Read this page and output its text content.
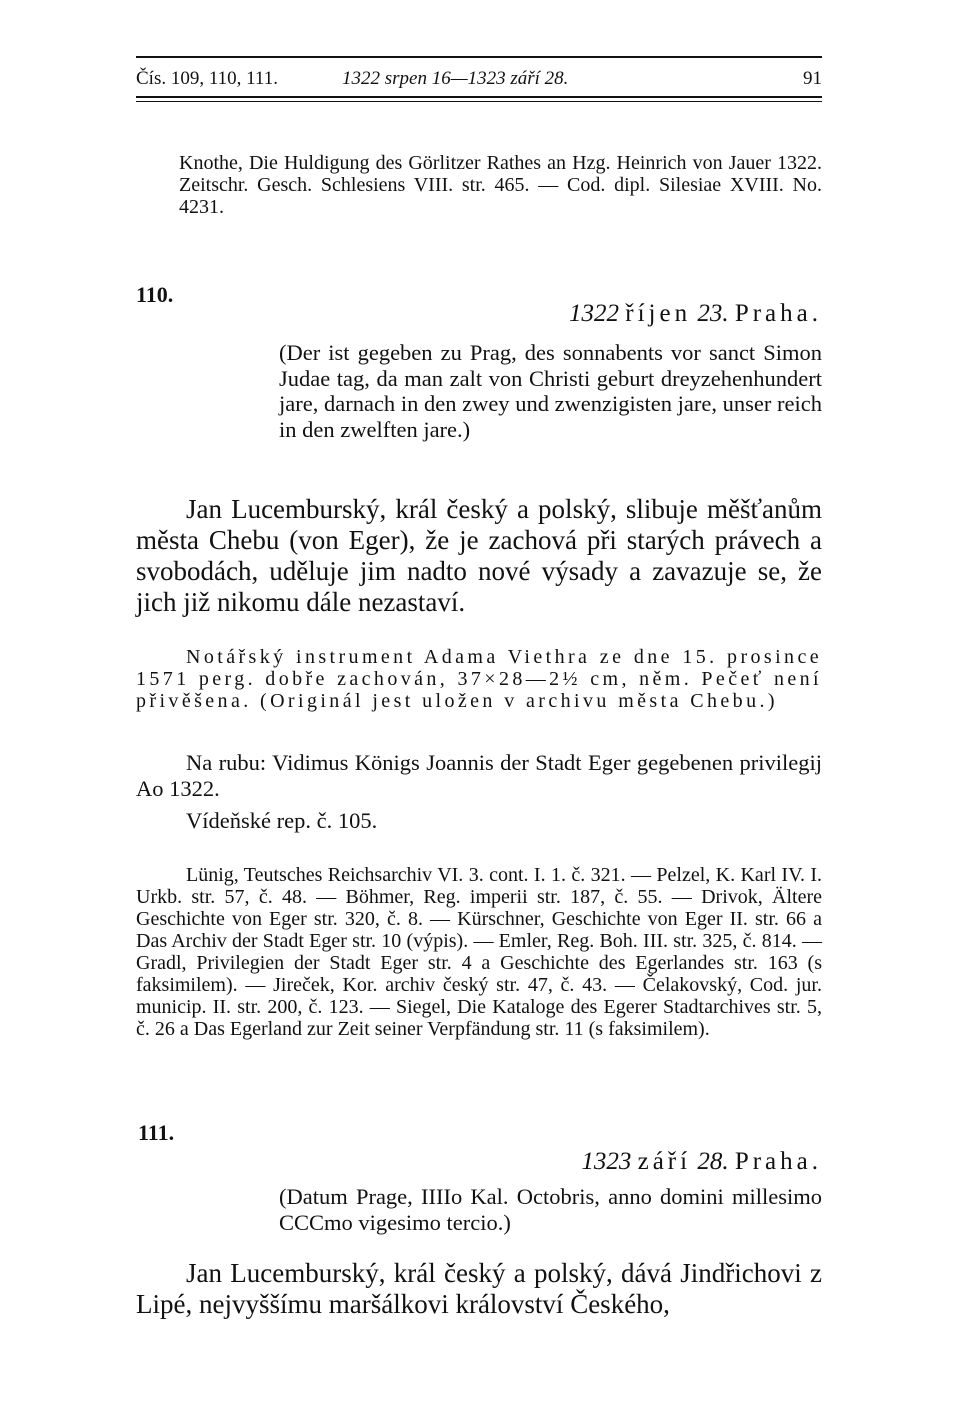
Čís. 109, 110, 111.	1322 srpen 16—1323 září 28.	91

Knothe, Die Huldigung des Görlitzer Rathes an Hzg. Heinrich von Jauer 1322. Zeitschr. Gesch. Schlesiens VIII. str. 465. — Cod. dipl. Silesiae XVIII. No. 4231.

110.
1322 říjen 23. Praha.

(Der ist gegeben zu Prag, des sonnabents vor sanct Simon Judae tag, da man zalt von Christi geburt dreyzehenhundert jare, darnach in den zwey und zwenzigisten jare, unser reich in den zwelften jare.)

Jan Lucemburský, král český a polský, slibuje měšťanům města Chebu (von Eger), že je zachová při starých právech a svobodách, uděluje jim nadto nové výsady a zavazuje se, že jich již nikomu dále nezastaví.

Notářský instrument Adama Viethra ze dne 15. prosince 1571 perg. dobře zachován, 37×28—2½ cm, něm. Pečeť není přivěšena. (Originál jest uložen v archivu města Chebu.)

Na rubu: Vidimus Königs Joannis der Stadt Eger gegebenen privilegij Ao 1322.

Vídeňské rep. č. 105.

Lünig, Teutsches Reichsarchiv VI. 3. cont. I. 1. č. 321. — Pelzel, K. Karl IV. I. Urkb. str. 57, č. 48. — Böhmer, Reg. imperii str. 187, č. 55. — Drivok, Ältere Geschichte von Eger str. 320, č. 8. — Kürschner, Geschichte von Eger II. str. 66 a Das Archiv der Stadt Eger str. 10 (výpis). — Emler, Reg. Boh. III. str. 325, č. 814. — Gradl, Privilegien der Stadt Eger str. 4 a Geschichte des Egerlandes str. 163 (s faksimilem). — Jireček, Kor. archiv český str. 47, č. 43. — Čelakovský, Cod. jur. municip. II. str. 200, č. 123. — Siegel, Die Kataloge des Egerer Stadtarchives str. 5, č. 26 a Das Egerland zur Zeit seiner Verpfändung str. 11 (s faksimilem).

111.
1323 září 28. Praha.

(Datum Prage, IIIIo Kal. Octobris, anno domini millesimo CCCmo vigesimo tercio.)

Jan Lucemburský, král český a polský, dává Jindřichovi z Lipé, nejvyššímu maršálkovi království Českého,
